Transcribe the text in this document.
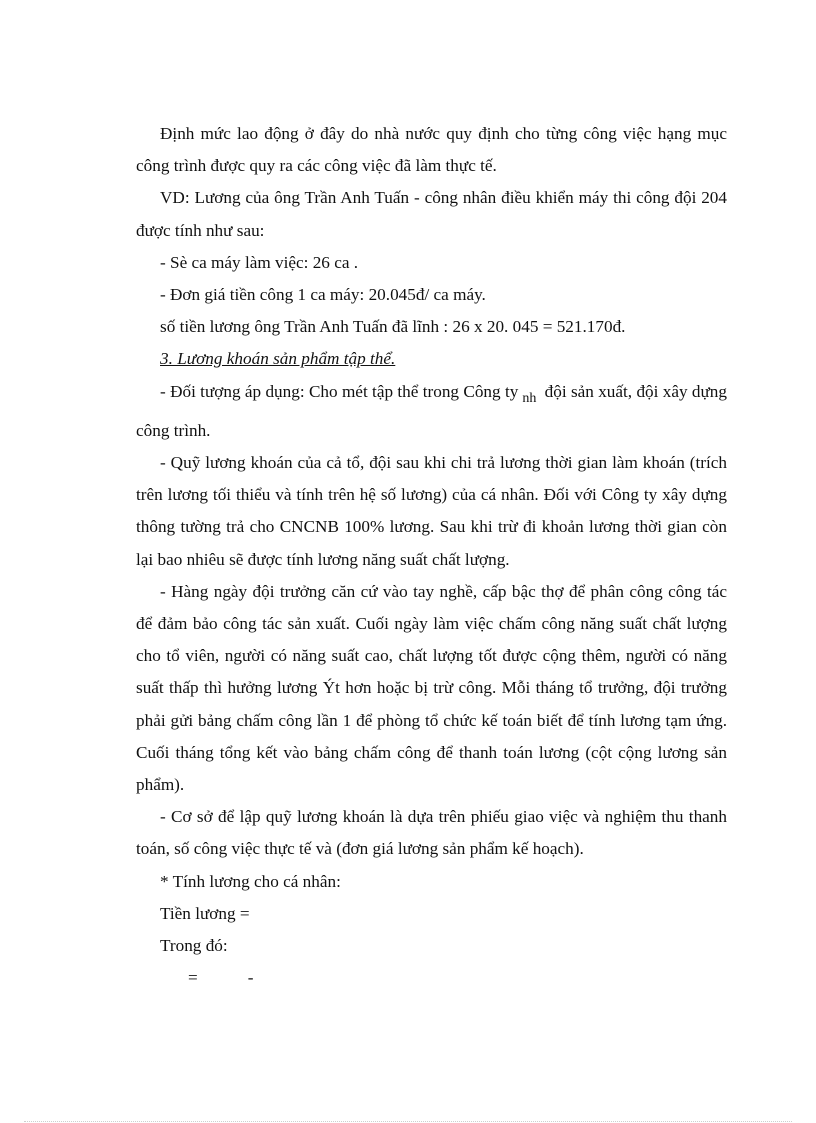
Định mức lao động ở đây do nhà nước quy định cho từng công việc hạng mục công trình được quy ra các công việc đã làm thực tế.

VD: Lương của ông Trần Anh Tuấn - công nhân điều khiển máy thi công đội 204 được tính như sau:

- Sè ca máy làm việc: 26 ca .

- Đơn giá tiền công 1 ca máy: 20.045đ/ ca máy.

số tiền lương ông Trần Anh Tuấn đã lĩnh : 26 x 20. 045 = 521.170đ.

3. Lương khoán sản phẩm tập thể.

- Đối tượng áp dụng: Cho mét tập thể trong Công ty $_{nh}$ đội sản xuất, đội xây dựng công trình.

- Quỹ lương khoán của cả tổ, đội sau khi chi trả lương thời gian làm khoán (trích trên lương tối thiểu và tính trên hệ số lương) của cá nhân. Đối với Công ty xây dựng thông tường trả cho CNCNB 100% lương. Sau khi trừ đi khoản lương thời gian còn lại bao nhiêu sẽ được tính lương năng suất chất lượng.

- Hàng ngày đội trưởng căn cứ vào tay nghề, cấp bậc thợ để phân công công tác để đảm bảo công tác sản xuất. Cuối ngày làm việc chấm công năng suất chất lượng cho tổ viên, người có năng suất cao, chất lượng tốt được cộng thêm, người có năng suất thấp thì hưởng lương Ýt hơn hoặc bị trừ công. Mỗi tháng tổ trưởng, đội trưởng phải gửi bảng chấm công lần 1 để phòng tổ chức kế toán biết để tính lương tạm ứng. Cuối tháng tổng kết vào bảng chấm công để thanh toán lương (cột cộng lương sản phẩm).

- Cơ sở để lập quỹ lương khoán là dựa trên phiếu giao việc và nghiệm thu thanh toán, số công việc thực tế và (đơn giá lương sản phẩm kế hoạch).

* Tính lương cho cá nhân:

Tiền lương =

Trong đó:

=	-
